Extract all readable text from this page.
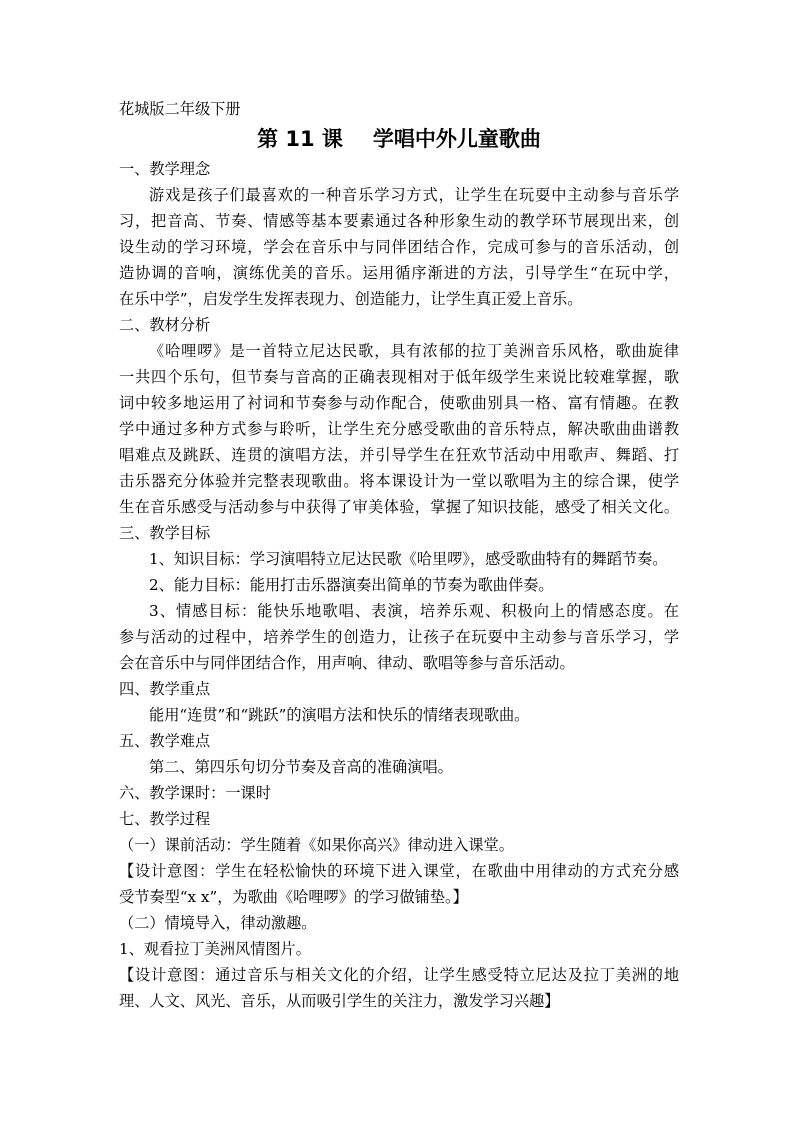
花城版二年级下册
第 11 课 学唱中外儿童歌曲
一、教学理念
游戏是孩子们最喜欢的一种音乐学习方式，让学生在玩耍中主动参与音乐学
习，把音高、节奏、情感等基本要素通过各种形象生动的教学环节展现出来，创
设生动的学习环境，学会在音乐中与同伴团结合作，完成可参与的音乐活动，创
造协调的音响，演练优美的音乐。运用循序渐进的方法，引导学生“在玩中学，
在乐中学”，启发学生发挥表现力、创造能力，让学生真正爱上音乐。
二、教材分析
《哈哩啰》是一首特立尼达民歌，具有浓郁的拉丁美洲音乐风格，歌曲旋律
一共四个乐句，但节奏与音高的正确表现相对于低年级学生来说比较难掌握，歌
词中较多地运用了衬词和节奏参与动作配合，使歌曲别具一格、富有情趣。在教
学中通过多种方式参与聆听，让学生充分感受歌曲的音乐特点，解决歌曲曲谱教
唱难点及跳跃、连贯的演唱方法，并引导学生在狂欢节活动中用歌声、舞蹈、打
击乐器充分体验并完整表现歌曲。将本课设计为一堂以歌唱为主的综合课，使学
生在音乐感受与活动参与中获得了审美体验，掌握了知识技能，感受了相关文化。
三、教学目标
1、知识目标：学习演唱特立尼达民歌《哈里啰》，感受歌曲特有的舞蹈节奏。
2、能力目标：能用打击乐器演奏出简单的节奏为歌曲伴奏。
3、情感目标：能快乐地歌唱、表演，培养乐观、积极向上的情感态度。在
参与活动的过程中，培养学生的创造力，让孩子在玩耍中主动参与音乐学习，学
会在音乐中与同伴团结合作，用声响、律动、歌唱等参与音乐活动。
四、教学重点
能用“连贯”和“跳跃”的演唱方法和快乐的情绪表现歌曲。
五、教学难点
第二、第四乐句切分节奏及音高的准确演唱。
六、教学课时：一课时
七、教学过程
（一）课前活动：学生随着《如果你高兴》律动进入课堂。
【设计意图：学生在轻松愉快的环境下进入课堂，在歌曲中用律动的方式充分感
受节奏型“x x”，为歌曲《哈哩啰》的学习做铺垫。】
（二）情境导入，律动激趣。
1、观看拉丁美洲风情图片。
【设计意图：通过音乐与相关文化的介绍，让学生感受特立尼达及拉丁美洲的地
理、人文、风光、音乐，从而吸引学生的关注力，激发学习兴趣】
